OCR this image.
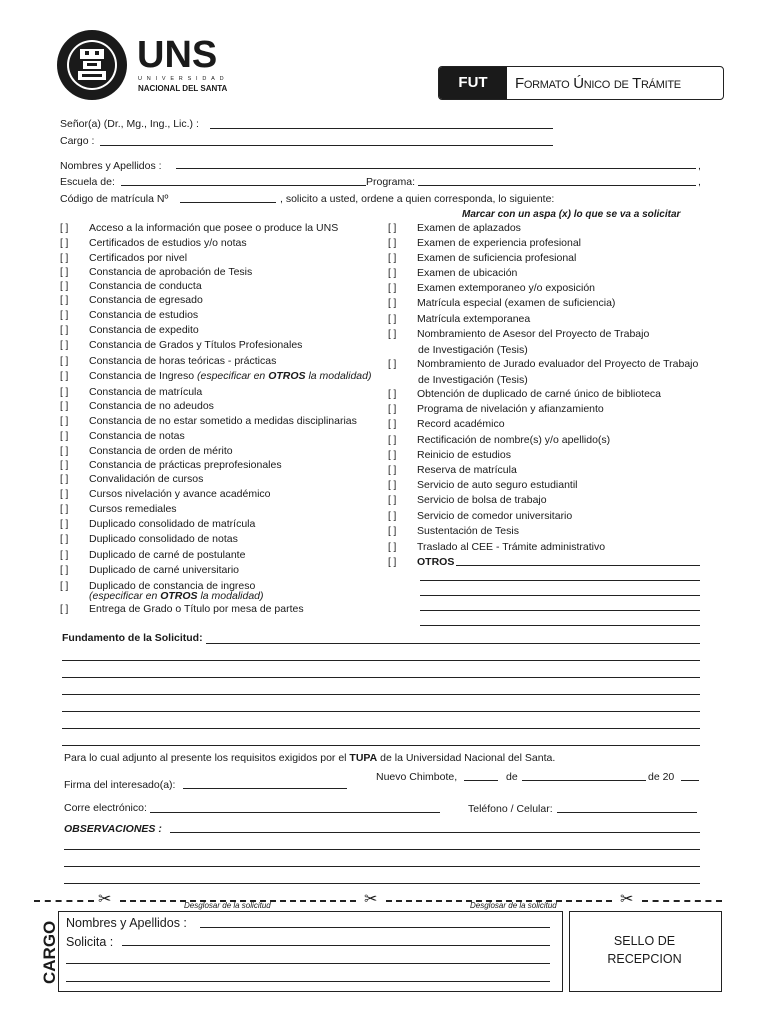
UNS
UNIVERSIDAD
NACIONAL DEL SANTA	FUT	Formato Único de Trámite
Señor(a) (Dr., Mg., Ing., Lic.) :
Cargo :
Nombres y Apellidos :	,
Escuela de:	Programa:	,
Código de matrícula Nº	, solicito a usted, ordene a quien corresponda, lo siguiente:
Marcar con un aspa (x) lo que se va a solicitar
[ ] Acceso a la información que posee o produce la UNS
[ ] Certificados de estudios y/o notas
[ ] Certificados por nivel
[ ] Constancia de aprobación de Tesis
[ ] Constancia de conducta
[ ] Constancia de egresado
[ ] Constancia de estudios
[ ] Constancia de expedito
[ ] Constancia de Grados y Títulos Profesionales
[ ] Constancia de horas teóricas - prácticas
[ ] Constancia de matrícula
[ ] Constancia de no adeudos
[ ] Constancia de no estar sometido a medidas disciplinarias
[ ] Constancia de notas
[ ] Constancia de orden de mérito
[ ] Constancia de prácticas preprofesionales
[ ] Convalidación de cursos
[ ] Cursos nivelación y avance académico
[ ] Cursos remediales
[ ] Duplicado consolidado de matrícula
[ ] Duplicado consolidado de notas
[ ] Duplicado de carné de postulante
[ ] Duplicado de carné universitario
[ ] Constancia de Ingreso (especificar en OTROS la modalidad)
[ ] Duplicado de constancia de ingreso
(especificar en OTROS la modalidad)
[ ] Entrega de Grado o Título por mesa de partes
[ ] Examen de aplazados
[ ] Examen de experiencia profesional
[ ] Examen de suficiencia profesional
[ ] Examen de ubicación
[ ] Examen extemporaneo y/o exposición
[ ] Matrícula especial (examen de suficiencia)
[ ] Matrícula extemporanea
[ ] Nombramiento de Asesor del Proyecto de Trabajo
[ ] Nombramiento de Jurado evaluador del Proyecto de Trabajo
[ ] Obtención de duplicado de carné único de biblioteca
[ ] Programa de nivelación y afianzamiento
[ ] Record académico
[ ] Rectificación de nombre(s) y/o apellido(s)
[ ] Reinicio de estudios
[ ] Reserva de matrícula
[ ] Servicio de auto seguro estudiantil
[ ] Servicio de bolsa de trabajo
[ ] Servicio de comedor universitario
[ ] Sustentación de Tesis
[ ] Traslado al CEE - Trámite administrativo
de Investigación (Tesis)
de Investigación (Tesis)
[ ] OTROS
Fundamento de la Solicitud:
Para lo cual adjunto al presente los requisitos exigidos por el TUPA de la Universidad Nacional del Santa.
Nuevo Chimbote,	de	de 20
Firma del interesado(a):
Corre electrónico:	Teléfono / Celular:
OBSERVACIONES :
✂	✂	✂
Desglosar de la solicitud	Desglosar de la solicitud
CARGO Nombres y Apellidos :
Solicita :	SELLO DE
RECEPCION
